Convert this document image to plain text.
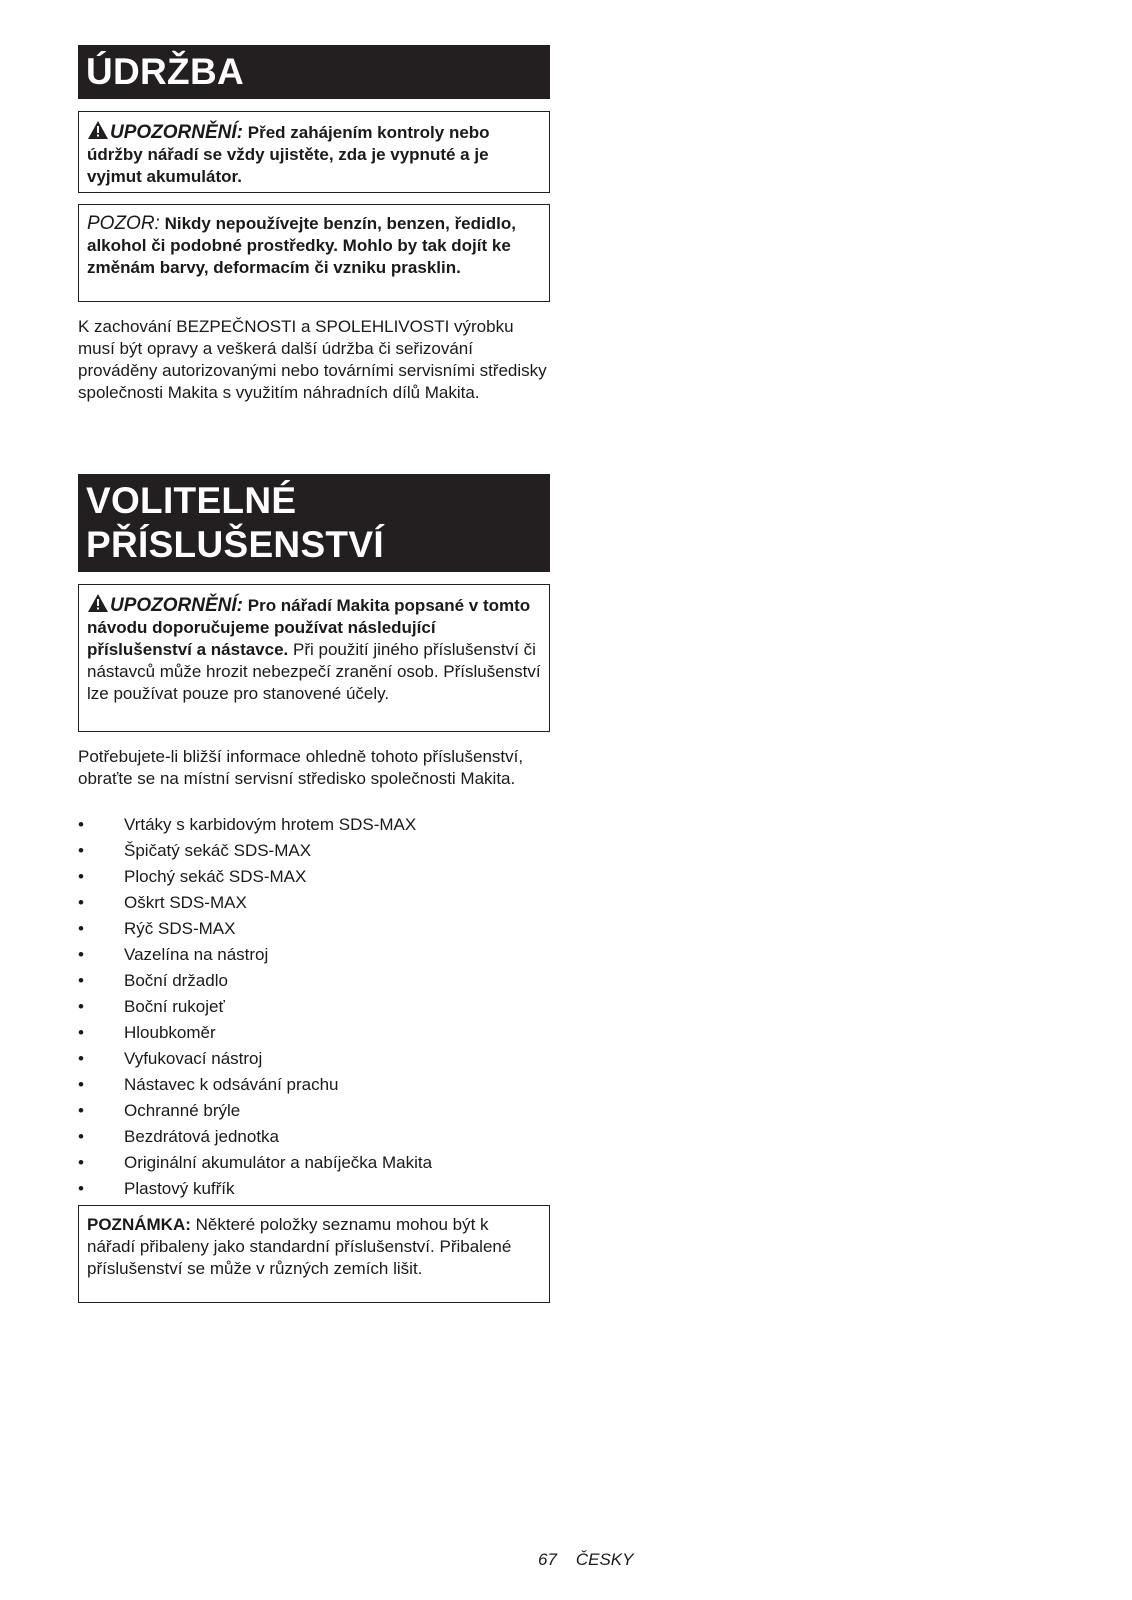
ÚDRŽBA
UPOZORNĚNÍ: Před zahájením kontroly nebo údržby nářadí se vždy ujistěte, zda je vypnuté a je vyjmut akumulátor.
POZOR: Nikdy nepoužívejte benzín, benzen, ředidlo, alkohol či podobné prostředky. Mohlo by tak dojít ke změnám barvy, deformacím či vzniku prasklin.
K zachování BEZPEČNOSTI a SPOLEHLIVOSTI výrobku musí být opravy a veškerá další údržba či seřizování prováděny autorizovanými nebo továrními servisními středisky společnosti Makita s využitím náhradních dílů Makita.
VOLITELNÉ
PŘÍSLUŠENSTVÍ
UPOZORNĚNÍ: Pro nářadí Makita popsané v tomto návodu doporučujeme používat následující příslušenství a nástavce. Při použití jiného příslušenství či nástavců může hrozit nebezpečí zranění osob. Příslušenství lze používat pouze pro stanovené účely.
Potřebujete-li bližší informace ohledně tohoto příslušenství, obraťte se na místní servisní středisko společnosti Makita.
•	Vrtáky s karbidovým hrotem SDS-MAX
•	Špičatý sekáč SDS-MAX
•	Plochý sekáč SDS-MAX
•	Oškrt SDS-MAX
•	Rýč SDS-MAX
•	Vazelína na nástroj
•	Boční držadlo
•	Boční rukojeť
•	Hloubkoměr
•	Vyfukovací nástroj
•	Nástavec k odsávání prachu
•	Ochranné brýle
•	Bezdrátová jednotka
•	Originální akumulátor a nabíječka Makita
•	Plastový kufřík
POZNÁMKA: Některé položky seznamu mohou být k nářadí přibaleny jako standardní příslušenství. Přibalené příslušenství se může v různých zemích lišit.
67 ČESKY
